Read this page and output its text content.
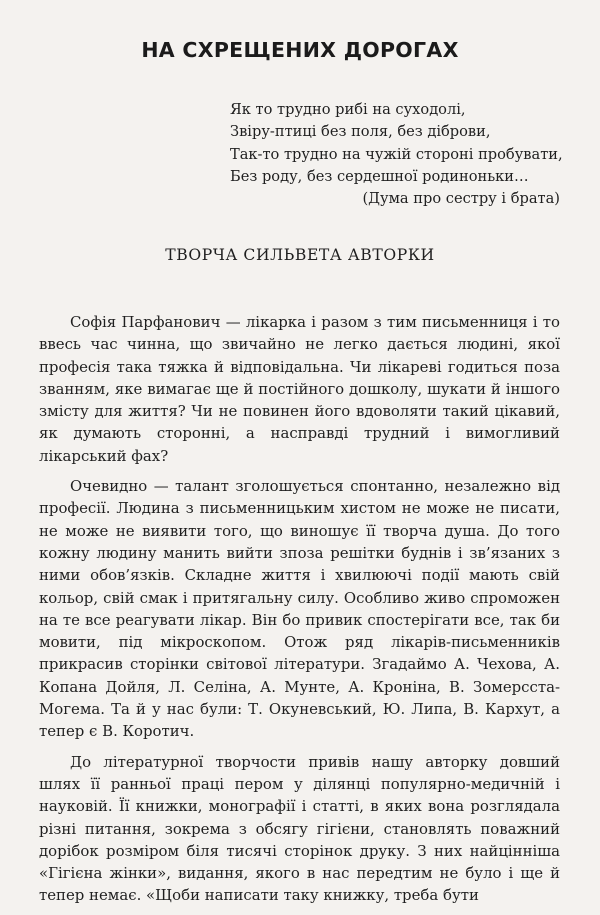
НА СХРЕЩЕНИХ ДОРОГАХ
Як то трудно рибі на суходолі,
Звіру-птиці без поля, без діброви,
Так-то трудно на чужій стороні пробувати,
Без роду, без сердешної родиноньки…
(Дума про сестру і брата)
ТВОРЧА СИЛЬВЕТА АВТОРКИ

Софія Парфанович — лікарка і разом з тим письменниця і то ввесь час чинна, що звичайно не легко дається людині, якої професія така тяжка й відповідальна. Чи лікареві годиться поза званням, яке вимагає ще й постійного дошколу, шукати й іншого змісту для життя? Чи не повинен його вдоволяти такий цікавий, як думають сторонні, а насправді трудний і вимогливий лікарський фах?

Очевидно — талант зголошується спонтанно, незалежно від професії. Людина з письменницьким хистом не може не писати, не може не виявити того, що виношує її творча душа. До того кожну людину манить вийти зпоза решітки буднів і зв’язаних з ними обов’язків. Складне життя і хвилюючі події мають свій кольор, свій смак і притягальну силу. Особливо живо спроможен на те все реагувати лікар. Він бо привик спостерігати все, так би мовити, під мікроскопом. Отож ряд лікарів-письменників прикрасив сторінки світової літератури. Згадаймо А. Чехова, А. Копана Дойля, Л. Селіна, А. Мунте, А. Кроніна, В. Зомерсста-Могема. Та й у нас були: Т. Окуневський, Ю. Липа, В. Кархут, а тепер є В. Коротич.

До літературної творчости привів нашу авторку довший шлях її ранньої праці пером у ділянці популярно-медичній і науковій. Її книжки, монографії і статті, в яких вона розглядала різні питання, зокрема з обсягу гігієни, становлять поважний дорібок розміром біля тисячі сторінок друку. З них найцінніша «Гігієна жінки», видання, якого в нас передтим не було і ще й тепер немає. «Щоби написати таку книжку, треба бути
